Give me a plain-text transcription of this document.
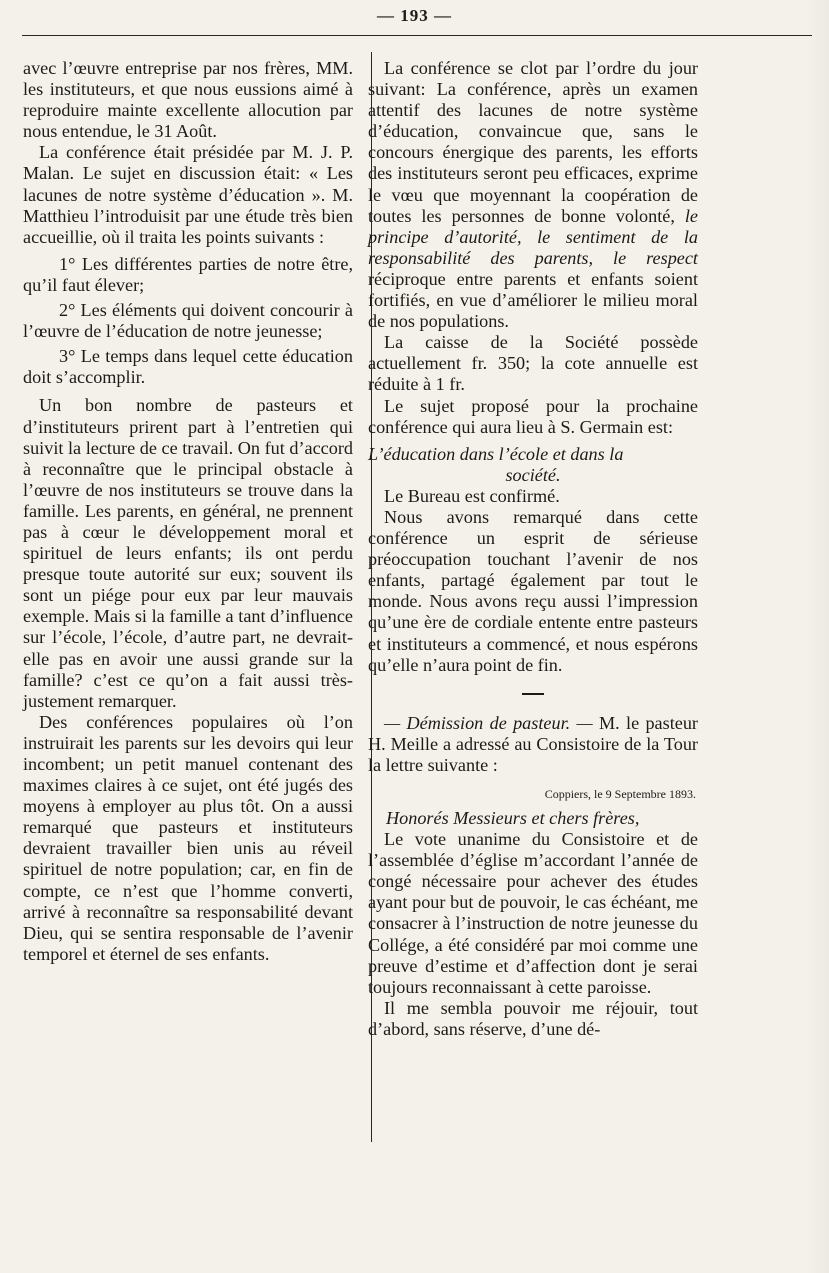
— 193 —

avec l’œuvre entreprise par nos frères, MM. les instituteurs, et que nous eussions aimé à reproduire mainte excellente allocution par nous entendue, le 31 Août.

La conférence était présidée par M. J. P. Malan. Le sujet en discussion était: « Les lacunes de notre système d’éducation ». M. Matthieu l’introduisit par une étude très bien accueillie, où il traita les points suivants :

1° Les différentes parties de notre être, qu’il faut élever;

2° Les éléments qui doivent concourir à l’œuvre de l’éducation de notre jeunesse;

3° Le temps dans lequel cette éducation doit s’accomplir.

Un bon nombre de pasteurs et d’instituteurs prirent part à l’entretien qui suivit la lecture de ce travail. On fut d’accord à reconnaître que le principal obstacle à l’œuvre de nos instituteurs se trouve dans la famille. Les parents, en général, ne prennent pas à cœur le développement moral et spirituel de leurs enfants; ils ont perdu presque toute autorité sur eux; souvent ils sont un piége pour eux par leur mauvais exemple. Mais si la famille a tant d’influence sur l’école, l’école, d’autre part, ne devrait-elle pas en avoir une aussi grande sur la famille? c’est ce qu’on a fait aussi très-justement remarquer.

Des conférences populaires où l’on instruirait les parents sur les devoirs qui leur incombent; un petit manuel contenant des maximes claires à ce sujet, ont été jugés des moyens à employer au plus tôt. On a aussi remarqué que pasteurs et instituteurs devraient travailler bien unis au réveil spirituel de notre population; car, en fin de compte, ce n’est que l’homme converti, arrivé à reconnaître sa responsabilité devant Dieu, qui se sentira responsable de l’avenir temporel et éternel de ses enfants.

La conférence se clot par l’ordre du jour suivant: La conférence, après un examen attentif des lacunes de notre système d’éducation, convaincue que, sans le concours énergique des parents, les efforts des instituteurs seront peu efficaces, exprime le vœu que moyennant la coopération de toutes les personnes de bonne volonté, le principe d’autorité, le sentiment de la responsabilité des parents, le respect réciproque entre parents et enfants soient fortifiés, en vue d’améliorer le milieu moral de nos populations.

La caisse de la Société possède actuellement fr. 350; la cote annuelle est réduite à 1 fr.

Le sujet proposé pour la prochaine conférence qui aura lieu à S. Germain est:

L’éducation dans l’école et dans la

société.

Le Bureau est confirmé.

Nous avons remarqué dans cette conférence un esprit de sérieuse préoccupation touchant l’avenir de nos enfants, partagé également par tout le monde. Nous avons reçu aussi l’impression qu’une ère de cordiale entente entre pasteurs et instituteurs a commencé, et nous espérons qu’elle n’aura point de fin.

— Démission de pasteur. — M. le pasteur H. Meille a adressé au Consistoire de la Tour la lettre suivante :

Coppiers, le 9 Septembre 1893.

Honorés Messieurs et chers frères,

Le vote unanime du Consistoire et de l’assemblée d’église m’accordant l’année de congé nécessaire pour achever des études ayant pour but de pouvoir, le cas échéant, me consacrer à l’instruction de notre jeunesse du Collége, a été considéré par moi comme une preuve d’estime et d’affection dont je serai toujours reconnaissant à cette paroisse.

Il me sembla pouvoir me réjouir, tout d’abord, sans réserve, d’une dé-
